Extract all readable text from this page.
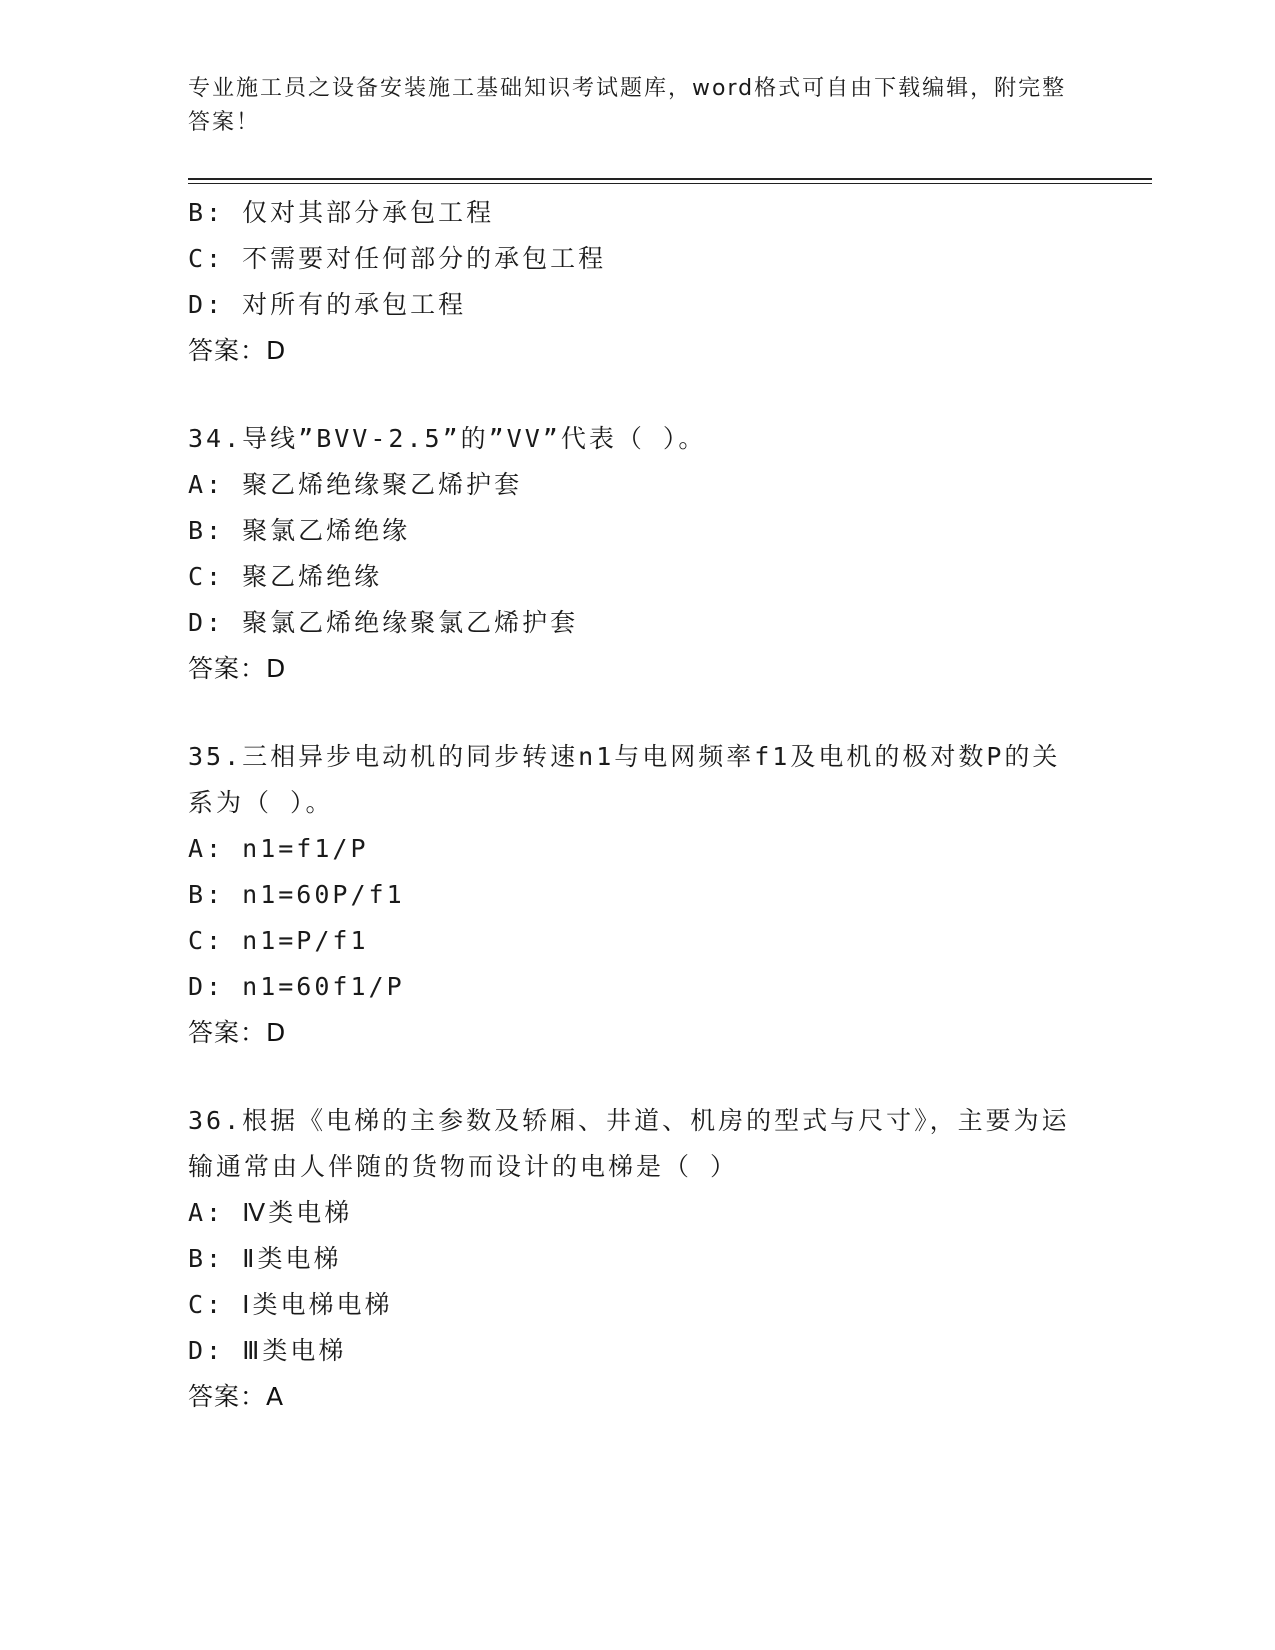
专业施工员之设备安装施工基础知识考试题库，word格式可自由下载编辑，附完整答案！
B: 仅对其部分承包工程
C: 不需要对任何部分的承包工程
D: 对所有的承包工程
答案：D
34.导线”BVV-2.5”的”VV”代表（ ）。
A: 聚乙烯绝缘聚乙烯护套
B: 聚氯乙烯绝缘
C: 聚乙烯绝缘
D: 聚氯乙烯绝缘聚氯乙烯护套
答案：D
35.三相异步电动机的同步转速n1与电网频率f1及电机的极对数P的关系为（ ）。
A: n1=f1/P
B: n1=60P/f1
C: n1=P/f1
D: n1=60f1/P
答案：D
36.根据《电梯的主参数及轿厢、井道、机房的型式与尺寸》，主要为运输通常由人伴随的货物而设计的电梯是（ ）
A: Ⅳ类电梯
B: Ⅱ类电梯
C: Ⅰ类电梯电梯
D: Ⅲ类电梯
答案：A
